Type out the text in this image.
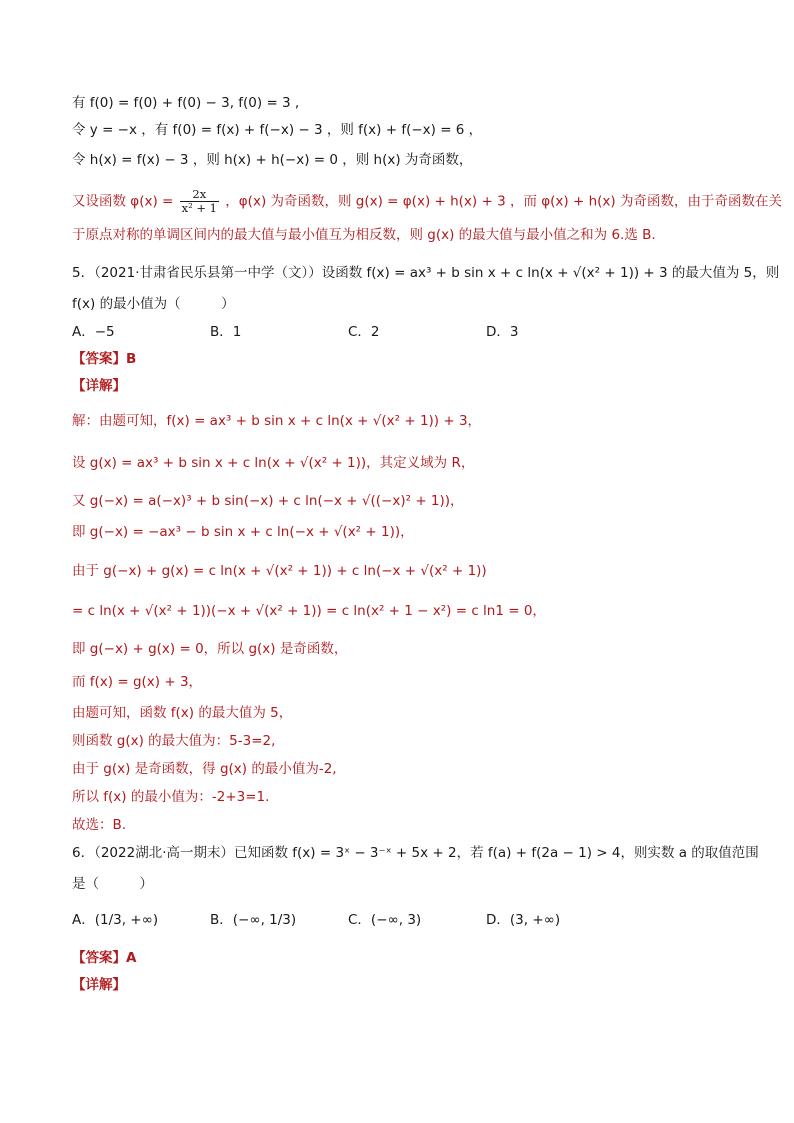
有 f(0) = f(0) + f(0) − 3, f(0) = 3 ,
令 y = −x ，有 f(0) = f(x) + f(−x) − 3 ，则 f(x) + f(−x) = 6 ，
令 h(x) = f(x) − 3 ，则 h(x) + h(−x) = 0 ，则 h(x) 为奇函数，
又设函数 $\varphi(x) = \frac{2x}{\text{x² + 1}}$ ，φ(x) 为奇函数，则 g(x) = φ(x) + h(x) + 3 ，而 φ(x) + h(x) 为奇函数，由于奇函数在关
于原点对称的单调区间内的最大值与最小值互为相反数，则 g(x) 的最大值与最小值之和为 6.选 B.
5．（2021·甘肃省民乐县第一中学（文））设函数 f(x) = ax³ + b sin x + c ln(x + √(x² + 1)) + 3 的最大值为 5，则
f(x) 的最小值为（　　　）
A．−5	B．1	C．2	D．3
【答案】B
【详解】
解：由题可知，f(x) = ax³ + b sin x + c ln(x + √(x² + 1)) + 3，
设 g(x) = ax³ + b sin x + c ln(x + √(x² + 1))，其定义域为 R，
又 g(−x) = a(−x)³ + b sin(−x) + c ln(−x + √((−x)² + 1))，
即 g(−x) = −ax³ − b sin x + c ln(−x + √(x² + 1))，
由于 g(−x) + g(x) = c ln(x + √(x² + 1)) + c ln(−x + √(x² + 1))
= c ln(x + √(x² + 1))(−x + √(x² + 1)) = c ln(x² + 1 − x²) = c ln1 = 0，
即 g(−x) + g(x) = 0，所以 g(x) 是奇函数，
而 f(x) = g(x) + 3，
由题可知，函数 f(x) 的最大值为 5，
则函数 g(x) 的最大值为：5-3=2,
由于 g(x) 是奇函数，得 g(x) 的最小值为-2,
所以 f(x) 的最小值为：-2+3=1.
故选：B.
6．（2022湖北·高一期末）已知函数 f(x) = 3ˣ − 3⁻ˣ + 5x + 2，若 f(a) + f(2a − 1) > 4，则实数 a 的取值范围
是（　　　）
A．(1/3, +∞)	B．(−∞, 1/3)	C．(−∞, 3)	D．(3, +∞)
【答案】A
【详解】
